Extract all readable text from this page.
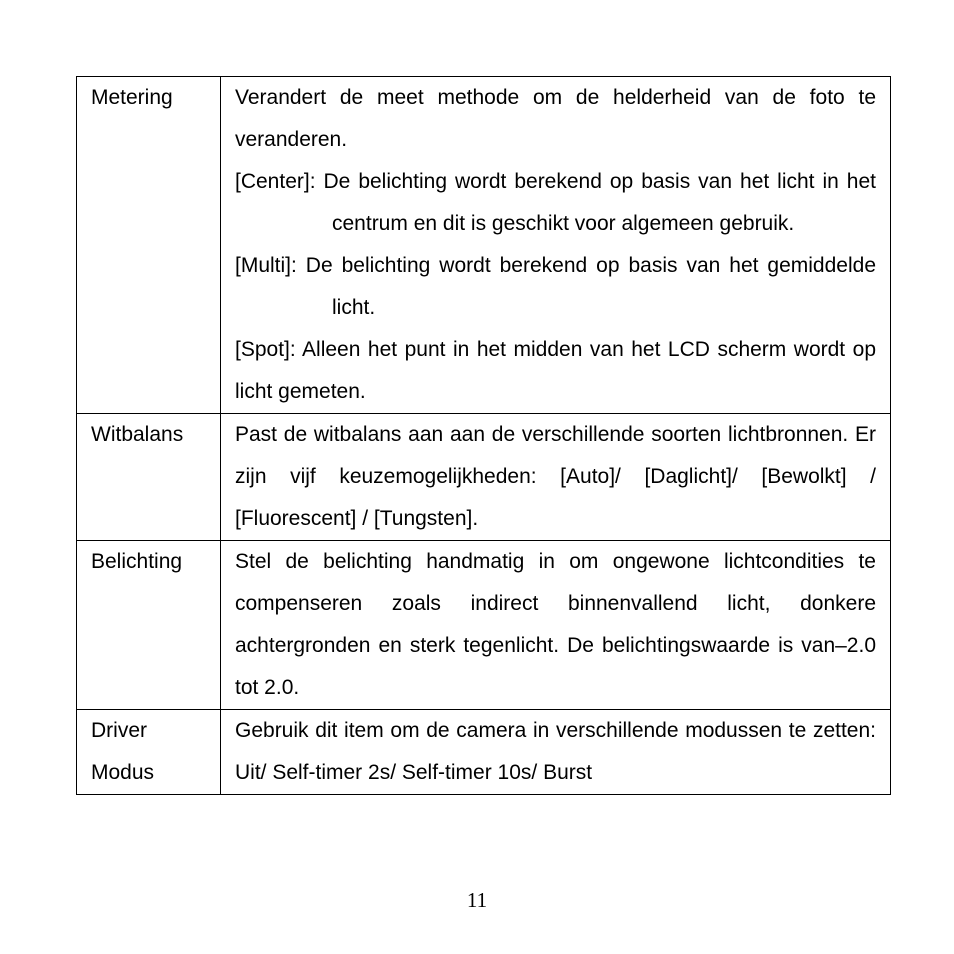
Metering	Verandert de meet methode om de helderheid van de foto te veranderen.

[Center]: De belichting wordt berekend op basis van het licht in het centrum en dit is geschikt voor algemeen gebruik.

[Multi]: De belichting wordt berekend op basis van het gemiddelde licht.

[Spot]: Alleen het punt in het midden van het LCD scherm wordt op licht gemeten.

Witbalans	Past de witbalans aan aan de verschillende soorten lichtbronnen. Er zijn vijf keuzemogelijkheden: [Auto]/ [Daglicht]/ [Bewolkt] / [Fluorescent] / [Tungsten].

Belichting	Stel de belichting handmatig in om ongewone lichtcondities te compenseren zoals indirect binnenvallend licht, donkere achtergronden en sterk tegenlicht. De belichtingswaarde is van–2.0 tot 2.0.

Driver Modus	Gebruik dit item om de camera in verschillende modussen te zetten: Uit/ Self-timer 2s/ Self-timer 10s/ Burst

11
